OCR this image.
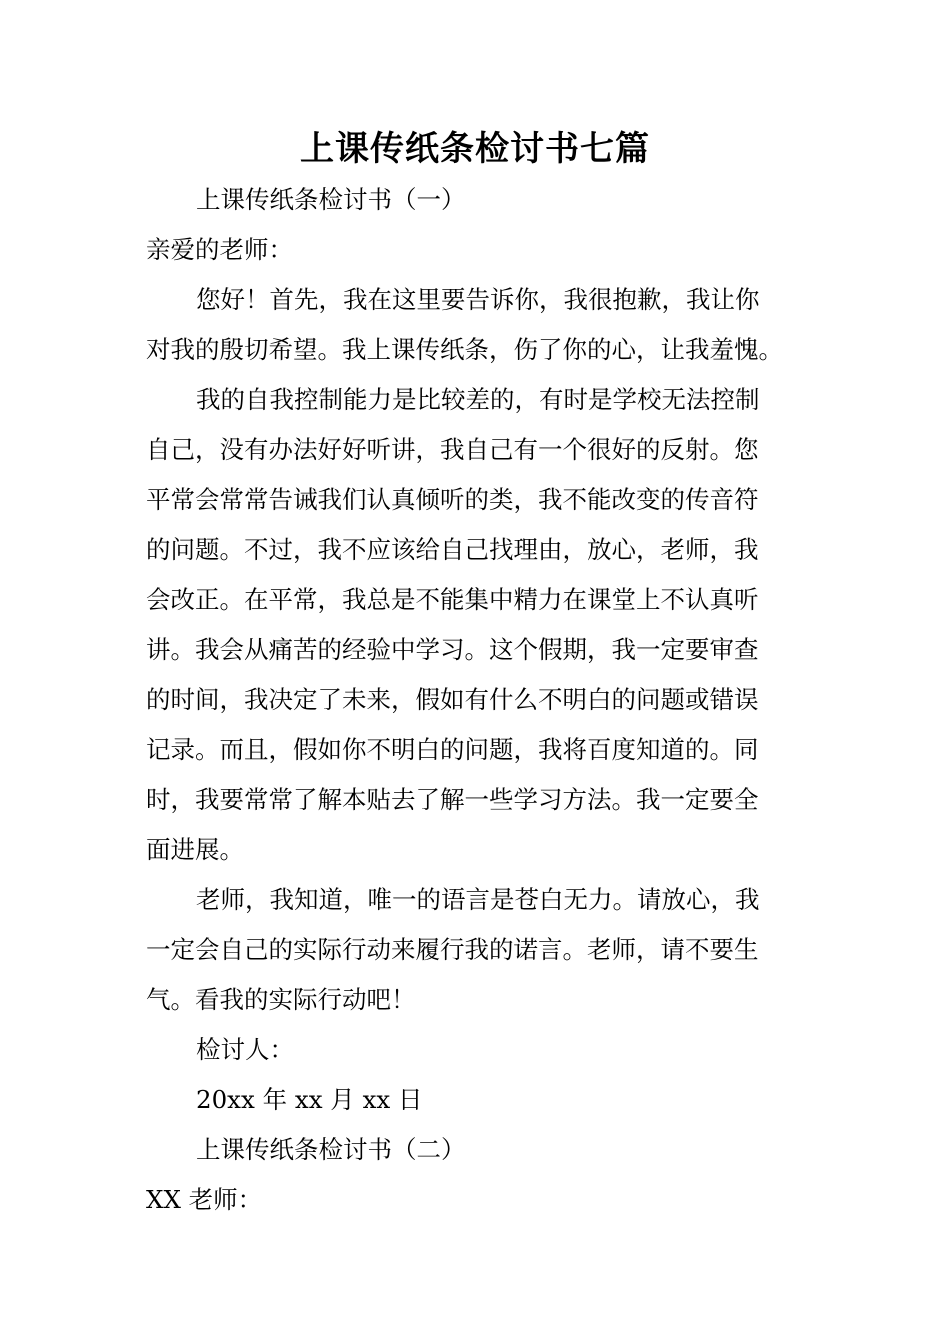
上课传纸条检讨书七篇

上课传纸条检讨书（一）

亲爱的老师：

您好！首先，我在这里要告诉你，我很抱歉，我让你

对我的殷切希望。我上课传纸条，伤了你的心，让我羞愧。

我的自我控制能力是比较差的，有时是学校无法控制

自己，没有办法好好听讲，我自己有一个很好的反射。您

平常会常常告诫我们认真倾听的类，我不能改变的传音符

的问题。不过，我不应该给自己找理由，放心，老师，我

会改正。在平常，我总是不能集中精力在课堂上不认真听

讲。我会从痛苦的经验中学习。这个假期，我一定要审查

的时间，我决定了未来，假如有什么不明白的问题或错误

记录。而且，假如你不明白的问题，我将百度知道的。同

时，我要常常了解本贴去了解一些学习方法。我一定要全

面进展。

老师，我知道，唯一的语言是苍白无力。请放心，我

一定会自己的实际行动来履行我的诺言。老师，请不要生

气。看我的实际行动吧！

检讨人：

20xx 年 xx 月 xx 日

上课传纸条检讨书（二）

XX 老师：
